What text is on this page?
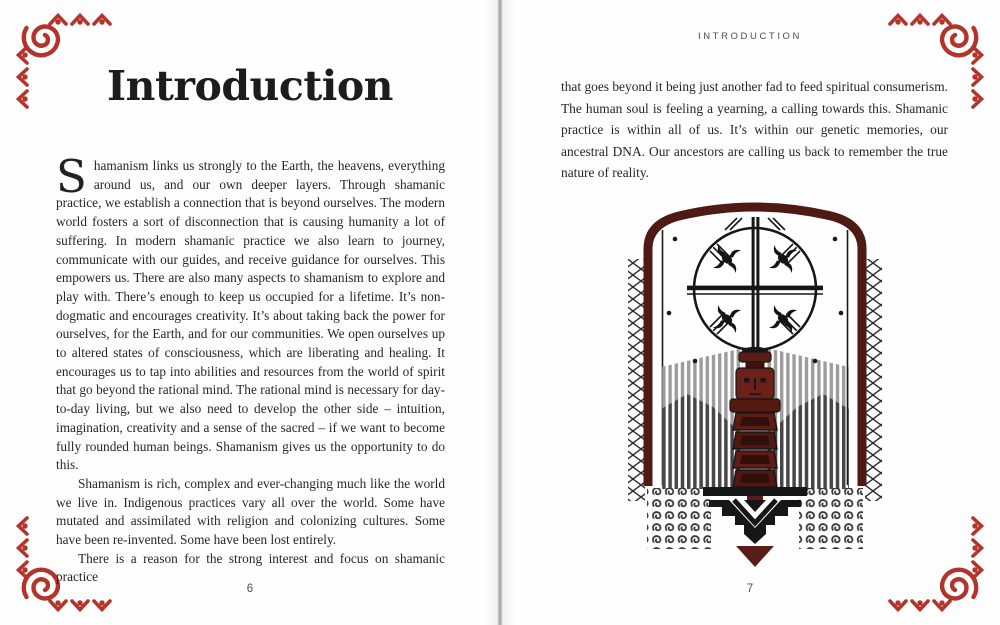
Introduction

Shamanism links us strongly to the Earth, the heavens, everything around us, and our own deeper layers. Through shamanic practice, we establish a connection that is beyond ourselves. The modern world fosters a sort of disconnection that is causing humanity a lot of suffering. In modern shamanic practice we also learn to journey, communicate with our guides, and receive guidance for ourselves. This empowers us. There are also many aspects to shamanism to explore and play with. There’s enough to keep us occupied for a lifetime. It’s non-dogmatic and encourages creativity. It’s about taking back the power for ourselves, for the Earth, and for our communities. We open ourselves up to altered states of consciousness, which are liberating and healing. It encourages us to tap into abilities and resources from the world of spirit that go beyond the rational mind. The rational mind is necessary for day-to-day living, but we also need to develop the other side – intuition, imagination, creativity and a sense of the sacred – if we want to become fully rounded human beings. Shamanism gives us the opportunity to do this.

Shamanism is rich, complex and ever-changing much like the world we live in. Indigenous practices vary all over the world. Some have mutated and assimilated with religion and colonizing cultures. Some have been re-invented. Some have been lost entirely.

There is a reason for the strong interest and focus on shamanic practice

6
INTRODUCTION

that goes beyond it being just another fad to feed spiritual consumerism. The human soul is feeling a yearning, a calling towards this. Shamanic practice is within all of us. It’s within our genetic memories, our ancestral DNA. Our ancestors are calling us back to remember the true nature of reality.

7
